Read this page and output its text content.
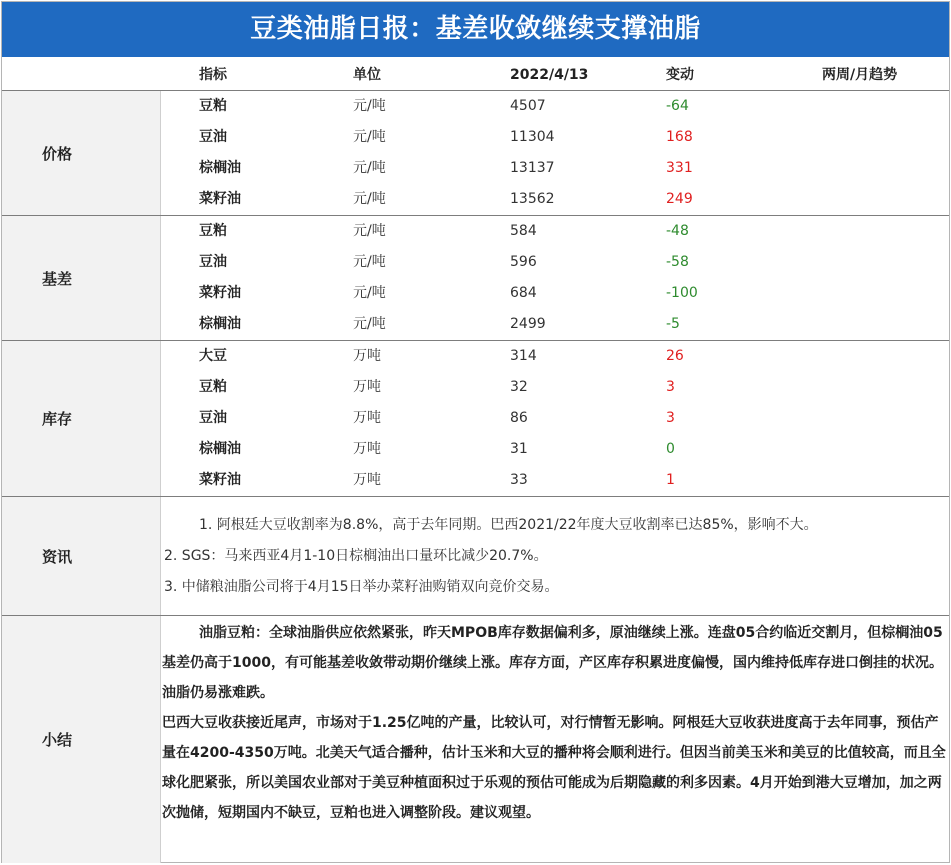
豆类油脂日报：基差收敛继续支撑油脂
指标	单位	2022/4/13	变动	两周/月趋势
价格
豆粕	元/吨	4507	-64
豆油	元/吨	11304	168
棕榈油	元/吨	13137	331
菜籽油	元/吨	13562	249
基差
豆粕	元/吨	584	-48
豆油	元/吨	596	-58
菜籽油	元/吨	684	-100
棕榈油	元/吨	2499	-5
库存
大豆	万吨	314	26
豆粕	万吨	32	3
豆油	万吨	86	3
棕榈油	万吨	31	0
菜籽油	万吨	33	1
资讯
1. 阿根廷大豆收割率为8.8%，高于去年同期。巴西2021/22年度大豆收割率已达85%，影响不大。
2. SGS：马来西亚4月1-10日棕榈油出口量环比减少20.7%。
3. 中储粮油脂公司将于4月15日举办菜籽油购销双向竞价交易。
小结

油脂豆粕：全球油脂供应依然紧张，昨天MPOB库存数据偏利多，原油继续上涨。连盘05合约临近交割月，但棕榈油05基差仍高于1000，有可能基差收敛带动期价继续上涨。库存方面，产区库存积累进度偏慢，国内维持低库存进口倒挂的状况。油脂仍易涨难跌。

巴西大豆收获接近尾声，市场对于1.25亿吨的产量，比较认可，对行情暂无影响。阿根廷大豆收获进度高于去年同事，预估产量在4200-4350万吨。北美天气适合播种，估计玉米和大豆的播种将会顺利进行。但因当前美玉米和美豆的比值较高，而且全球化肥紧张，所以美国农业部对于美豆种植面积过于乐观的预估可能成为后期隐藏的利多因素。4月开始到港大豆增加，加之两次抛储，短期国内不缺豆，豆粕也进入调整阶段。建议观望。
